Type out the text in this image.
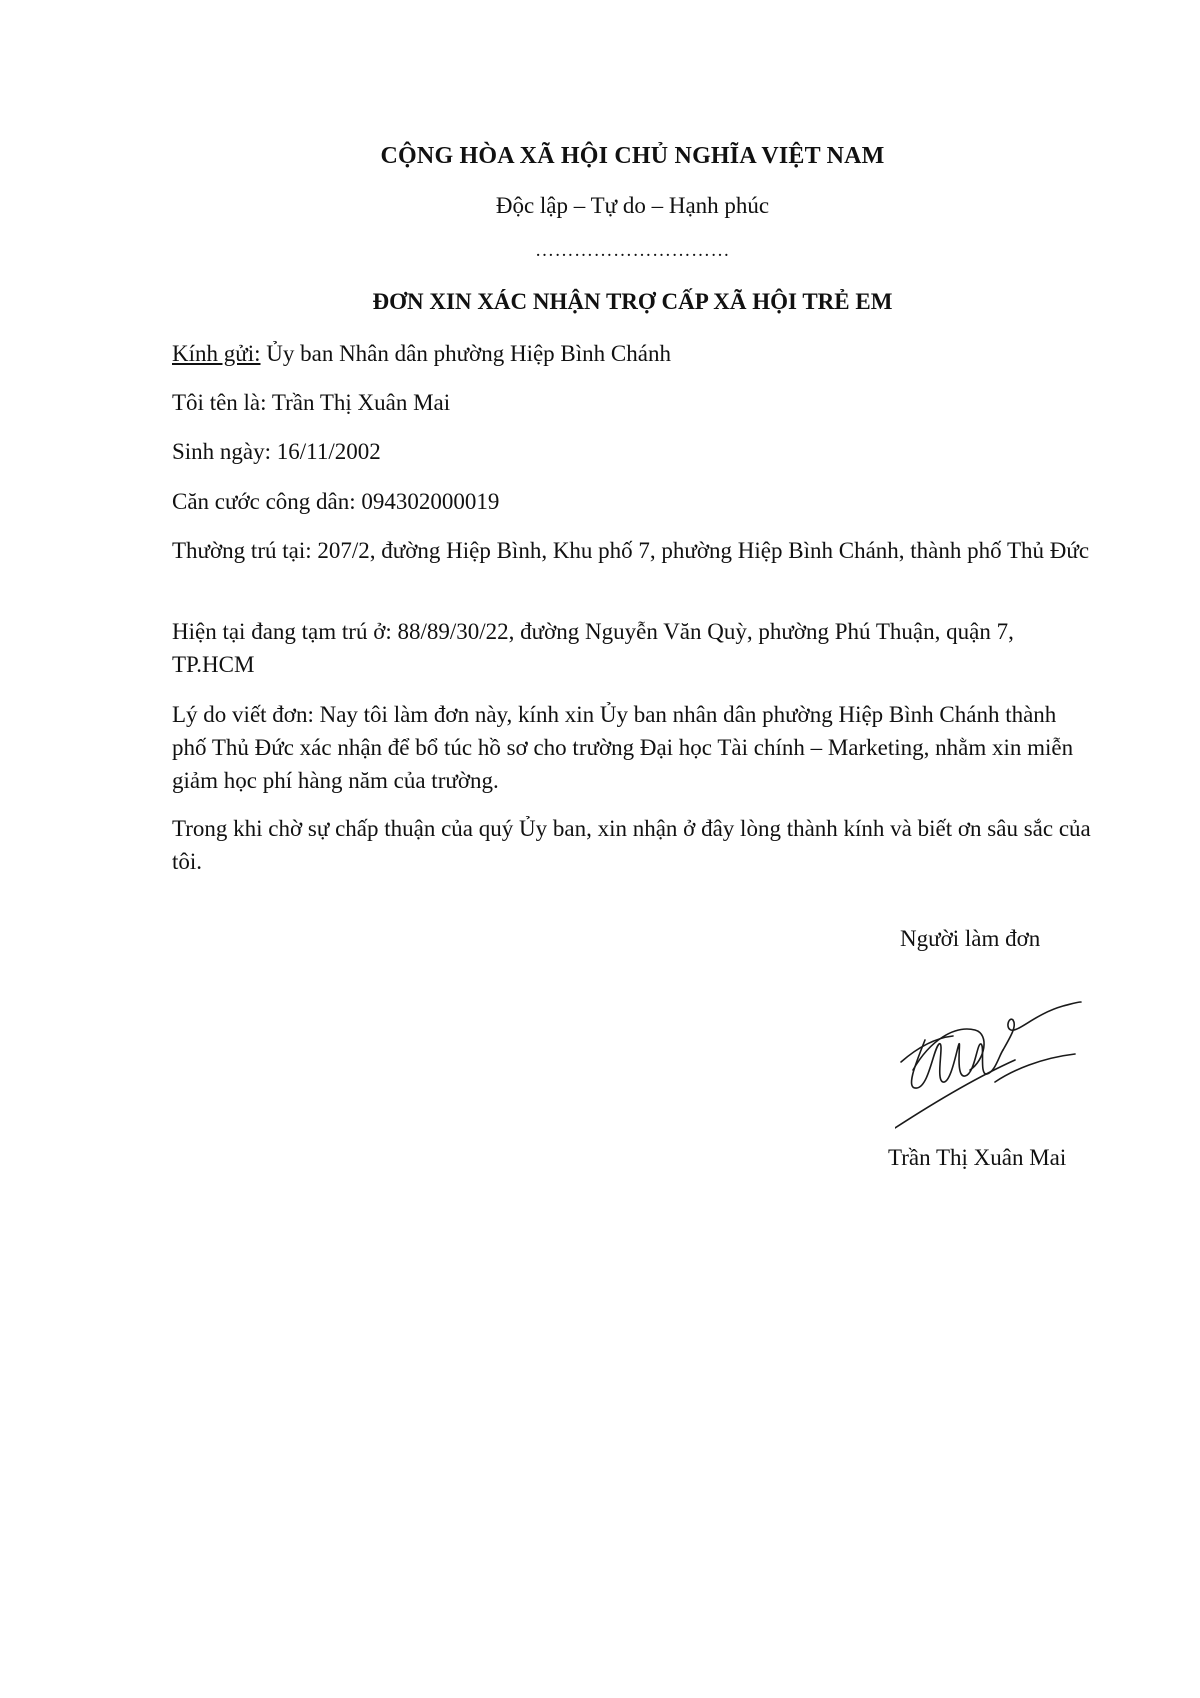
CỘNG HÒA XÃ HỘI CHỦ NGHĨA VIỆT NAM
Độc lập – Tự do – Hạnh phúc
…………………………
ĐƠN XIN XÁC NHẬN TRỢ CẤP XÃ HỘI TRẺ EM

Kính gửi: Ủy ban Nhân dân phường Hiệp Bình Chánh

Tôi tên là: Trần Thị Xuân Mai

Sinh ngày: 16/11/2002

Căn cước công dân: 094302000019

Thường trú tại: 207/2, đường Hiệp Bình, Khu phố 7, phường Hiệp Bình Chánh, thành phố Thủ Đức

Hiện tại đang tạm trú ở: 88/89/30/22, đường Nguyễn Văn Quỳ, phường Phú Thuận, quận 7, TP.HCM

Lý do viết đơn: Nay tôi làm đơn này, kính xin Ủy ban nhân dân phường Hiệp Bình Chánh thành phố Thủ Đức xác nhận để bổ túc hồ sơ cho trường Đại học Tài chính – Marketing, nhằm xin miễn giảm học phí hàng năm của trường.

Trong khi chờ sự chấp thuận của quý Ủy ban, xin nhận ở đây lòng thành kính và biết ơn sâu sắc của tôi.

Người làm đơn
Trần Thị Xuân Mai
